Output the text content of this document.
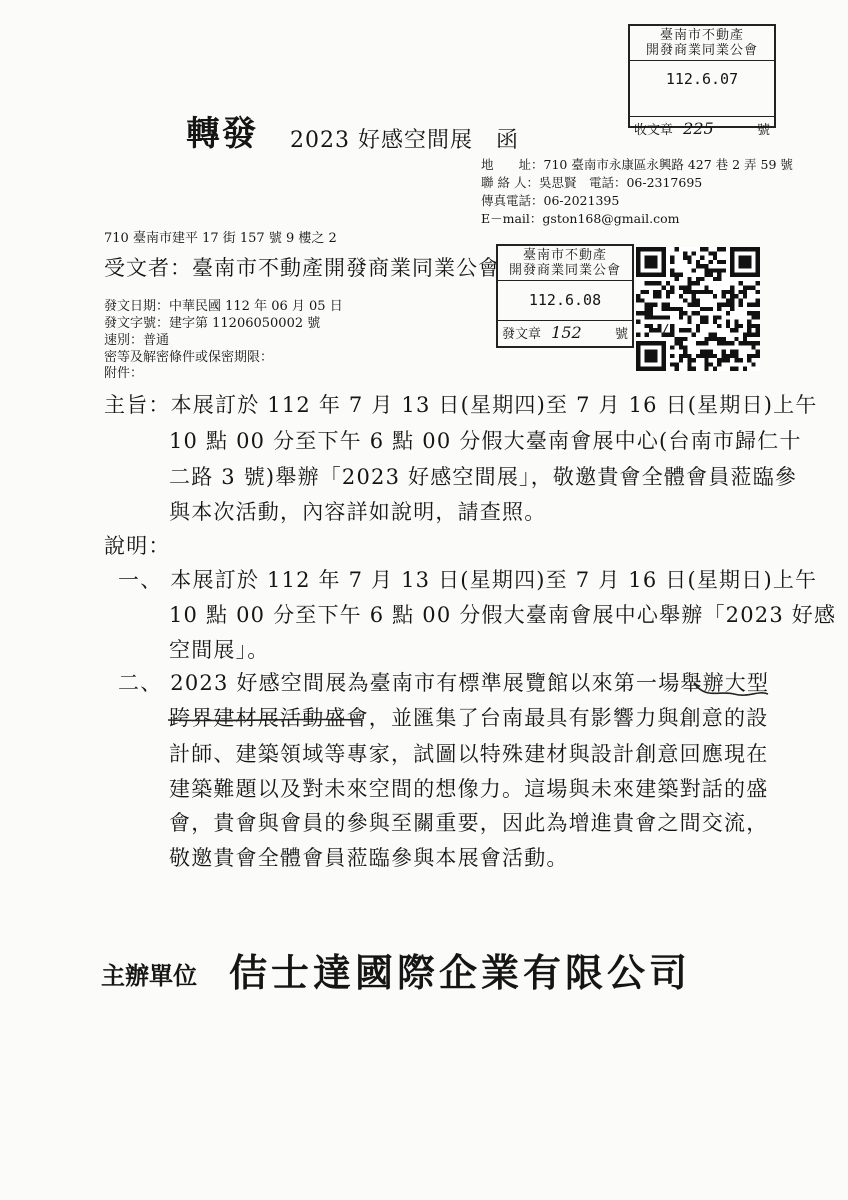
臺南市不動產
開發商業同業公會
112.6.07
收文章 225	號
轉發 2023 好感空間展　函
地　　址：710 臺南市永康區永興路 427 巷 2 弄 59 號
聯 絡 人：吳思賢　電話：06-2317695
傳真電話：06-2021395
E－mail：gston168@gmail.com
710 臺南市建平 17 街 157 號 9 樓之 2
受文者：臺南市不動產開發商業同業公會
臺南市不動產
開發商業同業公會
112.6.08
發文章 152	號
發文日期：中華民國 112 年 06 月 05 日
發文字號：建字第 11206050002 號
速別：普通
密等及解密條件或保密期限：
附件：
主旨：本展訂於 112 年 7 月 13 日(星期四)至 7 月 16 日(星期日)上午
10 點 00 分至下午 6 點 00 分假大臺南會展中心(台南市歸仁十
二路 3 號)舉辦「2023 好感空間展」，敬邀貴會全體會員蒞臨參
與本次活動，內容詳如說明，請查照。
說明：
一、 本展訂於 112 年 7 月 13 日(星期四)至 7 月 16 日(星期日)上午
10 點 00 分至下午 6 點 00 分假大臺南會展中心舉辦「2023 好感
空間展」。
二、 2023 好感空間展為臺南市有標準展覽館以來第一場舉辦大型
跨界建材展活動盛會，並匯集了台南最具有影響力與創意的設
計師、建築領域等專家，試圖以特殊建材與設計創意回應現在
建築難題以及對未來空間的想像力。這場與未來建築對話的盛
會，貴會與會員的參與至關重要，因此為增進貴會之間交流，
敬邀貴會全體會員蒞臨參與本展會活動。
主辦單位 佶士達國際企業有限公司
